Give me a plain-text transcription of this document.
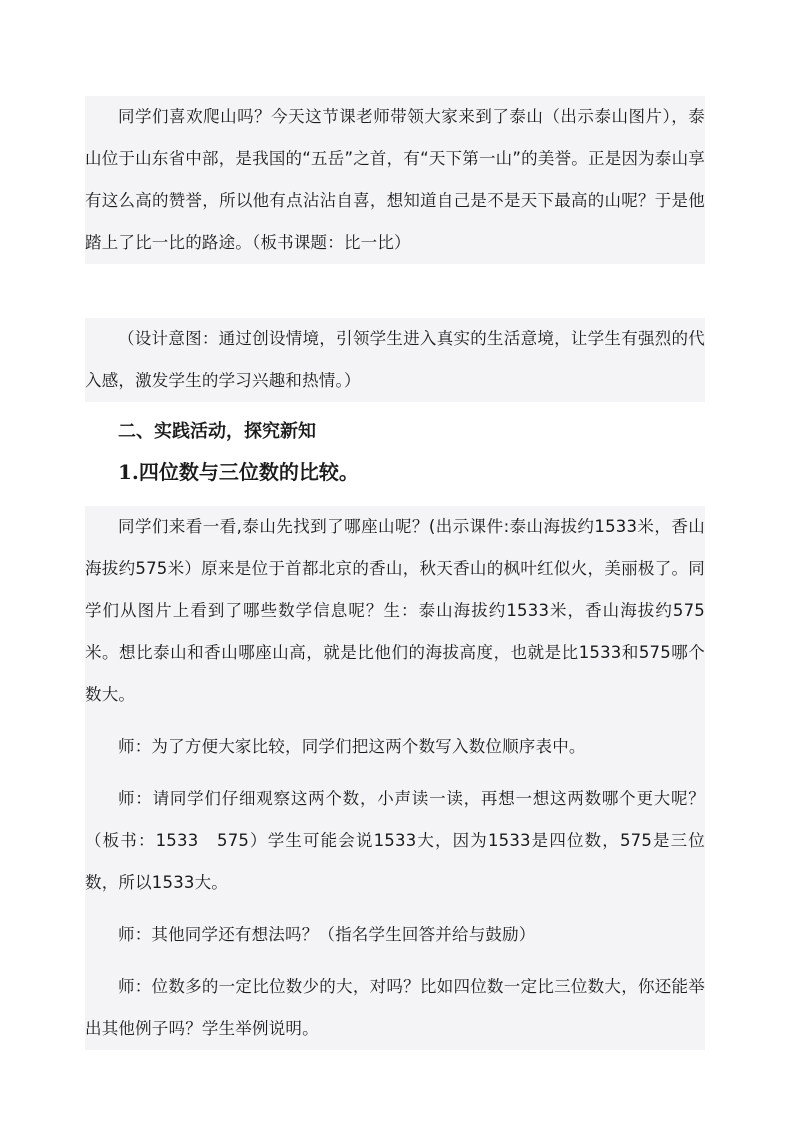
同学们喜欢爬山吗？今天这节课老师带领大家来到了泰山（出示泰山图片），泰山位于山东省中部，是我国的“五岳”之首，有“天下第一山”的美誉。正是因为泰山享有这么高的赞誉，所以他有点沾沾自喜，想知道自己是不是天下最高的山呢？于是他踏上了比一比的路途。（板书课题：比一比）

（设计意图：通过创设情境，引领学生进入真实的生活意境，让学生有强烈的代入感，激发学生的学习兴趣和热情。）

二、实践活动，探究新知

1.四位数与三位数的比较。

同学们来看一看,泰山先找到了哪座山呢？(出示课件:泰山海拔约1533米，香山海拔约575米）原来是位于首都北京的香山，秋天香山的枫叶红似火，美丽极了。同学们从图片上看到了哪些数学信息呢？生：泰山海拔约1533米，香山海拔约575米。想比泰山和香山哪座山高，就是比他们的海拔高度，也就是比1533和575哪个数大。

师：为了方便大家比较，同学们把这两个数写入数位顺序表中。

师：请同学们仔细观察这两个数，小声读一读，再想一想这两数哪个更大呢？（板书：1533　575）学生可能会说1533大，因为1533是四位数，575是三位数，所以1533大。

师：其他同学还有想法吗？（指名学生回答并给与鼓励）

师：位数多的一定比位数少的大，对吗？比如四位数一定比三位数大，你还能举出其他例子吗？学生举例说明。
